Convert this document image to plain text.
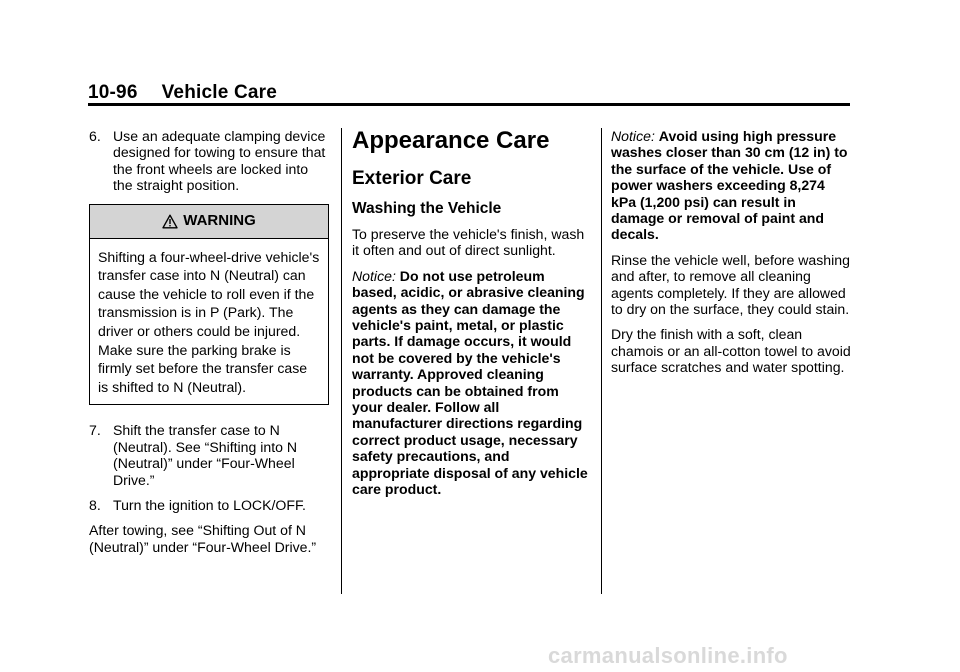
10-96 Vehicle Care
6. Use an adequate clamping device designed for towing to ensure that the front wheels are locked into the straight position.
WARNING
Shifting a four-wheel-drive vehicle's transfer case into N (Neutral) can cause the vehicle to roll even if the transmission is in P (Park). The driver or others could be injured. Make sure the parking brake is firmly set before the transfer case is shifted to N (Neutral).
7. Shift the transfer case to N (Neutral). See “Shifting into N (Neutral)” under “Four-Wheel Drive.”
8. Turn the ignition to LOCK/OFF.

After towing, see “Shifting Out of N (Neutral)” under “Four-Wheel Drive.”

Appearance Care
Exterior Care
Washing the Vehicle

To preserve the vehicle's finish, wash it often and out of direct sunlight.

Notice: Do not use petroleum based, acidic, or abrasive cleaning agents as they can damage the vehicle's paint, metal, or plastic parts. If damage occurs, it would not be covered by the vehicle's warranty. Approved cleaning products can be obtained from your dealer. Follow all manufacturer directions regarding correct product usage, necessary safety precautions, and appropriate disposal of any vehicle care product.

Notice: Avoid using high pressure washes closer than 30 cm (12 in) to the surface of the vehicle. Use of power washers exceeding 8,274 kPa (1,200 psi) can result in damage or removal of paint and decals.

Rinse the vehicle well, before washing and after, to remove all cleaning agents completely. If they are allowed to dry on the surface, they could stain.

Dry the finish with a soft, clean chamois or an all-cotton towel to avoid surface scratches and water spotting.

carmanualsonline.info
